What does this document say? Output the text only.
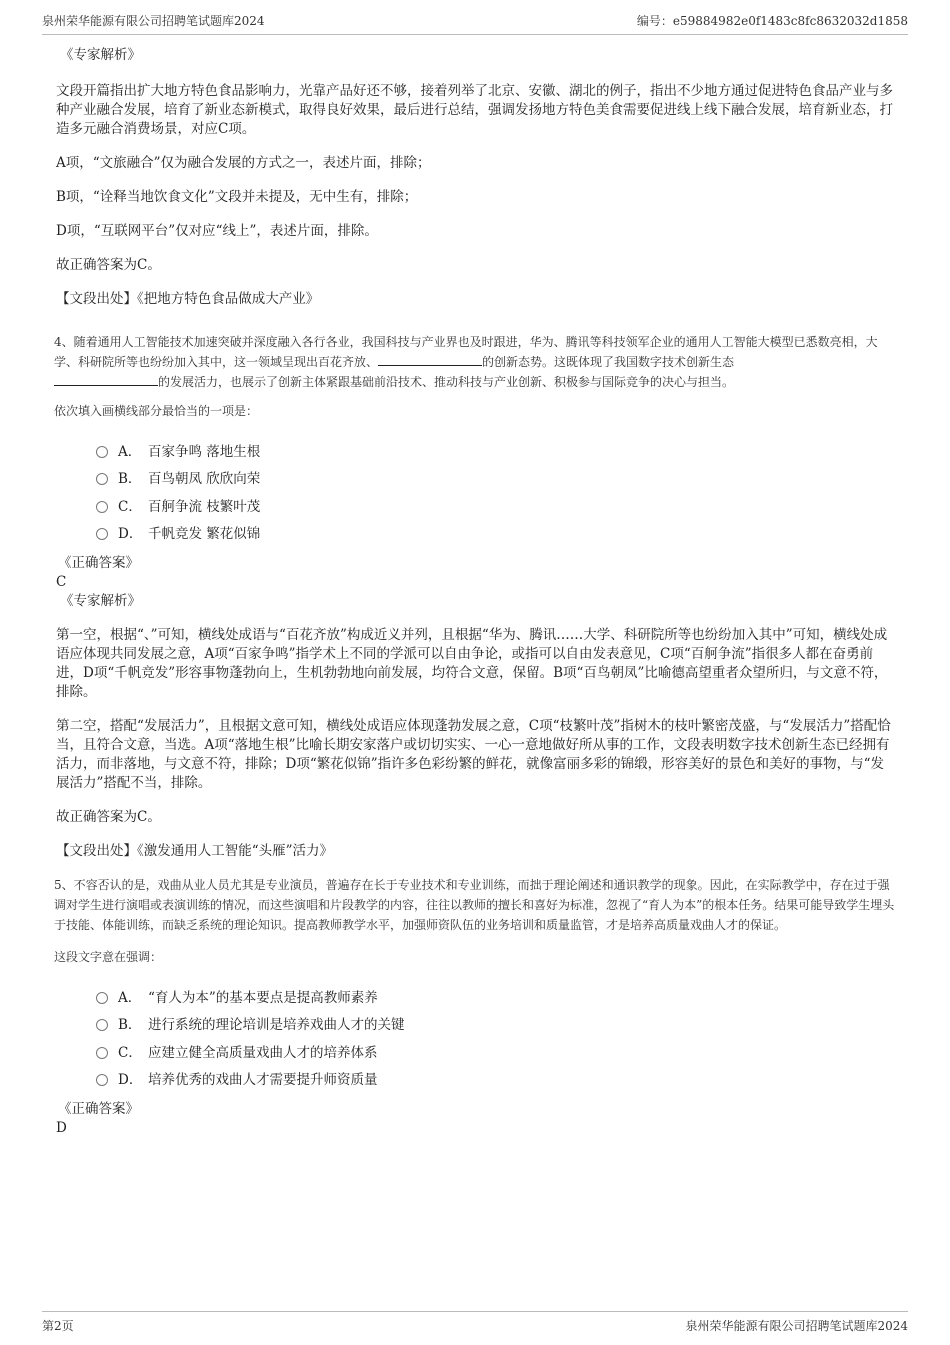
泉州荣华能源有限公司招聘笔试题库2024	编号：e59884982e0f1483c8fc8632032d1858
《专家解析》

文段开篇指出扩大地方特色食品影响力，光靠产品好还不够，接着列举了北京、安徽、湖北的例子，指出不少地方通过促进特色食品产业与多种产业融合发展，培育了新业态新模式，取得良好效果，最后进行总结，强调发扬地方特色美食需要促进线上线下融合发展，培育新业态，打造多元融合消费场景，对应C项。

A项，“文旅融合”仅为融合发展的方式之一，表述片面，排除；

B项，“诠释当地饮食文化”文段并未提及，无中生有，排除；

D项，“互联网平台”仅对应“线上”，表述片面，排除。

故正确答案为C。

【文段出处】《把地方特色食品做成大产业》

4、随着通用人工智能技术加速突破并深度融入各行各业，我国科技与产业界也及时跟进，华为、腾讯等科技领军企业的通用人工智能大模型已悉数亮相，大学、科研院所等也纷纷加入其中，这一领域呈现出百花齐放、	的创新态势。这既体现了我国数字技术创新生态
的发展活力，也展示了创新主体紧跟基础前沿技术、推动科技与产业创新、积极参与国际竞争的决心与担当。

依次填入画横线部分最恰当的一项是：

A． 百家争鸣 落地生根
B． 百鸟朝凤 欣欣向荣
C． 百舸争流 枝繁叶茂
D． 千帆竞发 繁花似锦
《正确答案》
C
《专家解析》

第一空，根据“、”可知，横线处成语与“百花齐放”构成近义并列，且根据“华为、腾讯……大学、科研院所等也纷纷加入其中”可知，横线处成语应体现共同发展之意，A项“百家争鸣”指学术上不同的学派可以自由争论，或指可以自由发表意见，C项“百舸争流”指很多人都在奋勇前进，D项“千帆竞发”形容事物蓬勃向上，生机勃勃地向前发展，均符合文意，保留。B项“百鸟朝凤”比喻德高望重者众望所归，与文意不符，排除。

第二空，搭配“发展活力”，且根据文意可知，横线处成语应体现蓬勃发展之意，C项“枝繁叶茂”指树木的枝叶繁密茂盛，与“发展活力”搭配恰当，且符合文意，当选。A项“落地生根”比喻长期安家落户或切切实实、一心一意地做好所从事的工作，文段表明数字技术创新生态已经拥有活力，而非落地，与文意不符，排除；D项“繁花似锦”指许多色彩纷繁的鲜花，就像富丽多彩的锦缎，形容美好的景色和美好的事物，与“发展活力”搭配不当，排除。

故正确答案为C。

【文段出处】《激发通用人工智能“头雁”活力》

5、不容否认的是，戏曲从业人员尤其是专业演员，普遍存在长于专业技术和专业训练，而拙于理论阐述和通识教学的现象。因此，在实际教学中，存在过于强调对学生进行演唱或表演训练的情况，而这些演唱和片段教学的内容，往往以教师的擅长和喜好为标准，忽视了“育人为本”的根本任务。结果可能导致学生埋头于技能、体能训练，而缺乏系统的理论知识。提高教师教学水平，加强师资队伍的业务培训和质量监管，才是培养高质量戏曲人才的保证。

这段文字意在强调：

A． “育人为本”的基本要点是提高教师素养
B． 进行系统的理论培训是培养戏曲人才的关键
C． 应建立健全高质量戏曲人才的培养体系
D． 培养优秀的戏曲人才需要提升师资质量
《正确答案》
D
第2页	泉州荣华能源有限公司招聘笔试题库2024
